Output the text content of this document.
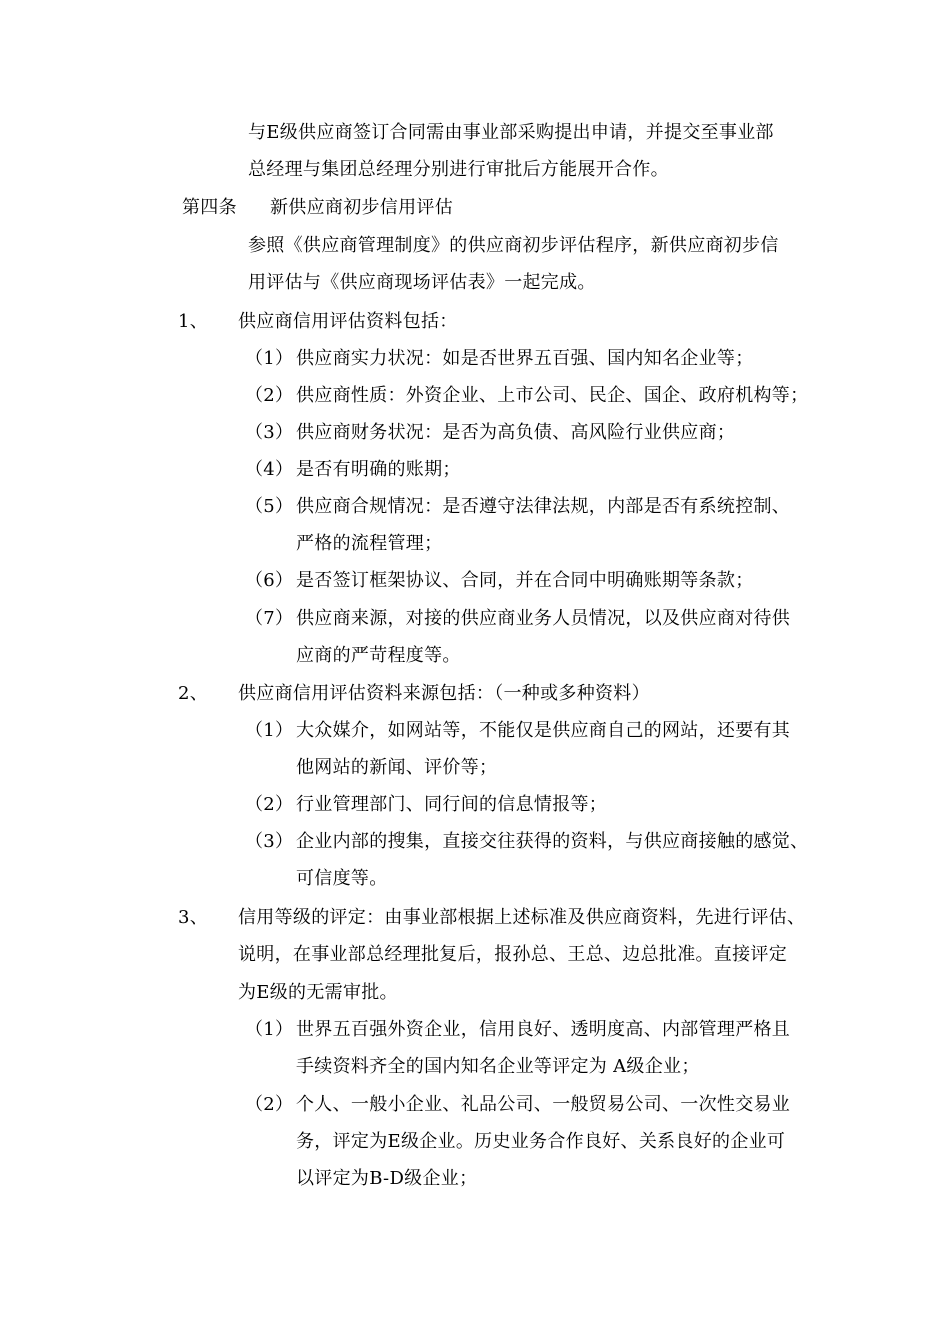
与E级供应商签订合同需由事业部采购提出申请，并提交至事业部
总经理与集团总经理分别进行审批后方能展开合作。
第四条 新供应商初步信用评估
参照《供应商管理制度》的供应商初步评估程序，新供应商初步信
用评估与《供应商现场评估表》一起完成。
1、 供应商信用评估资料包括：
（1） 供应商实力状况：如是否世界五百强、国内知名企业等；
（2） 供应商性质：外资企业、上市公司、民企、国企、政府机构等；
（3） 供应商财务状况：是否为高负债、高风险行业供应商；
（4） 是否有明确的账期；
（5） 供应商合规情况：是否遵守法律法规，内部是否有系统控制、
严格的流程管理；
（6） 是否签订框架协议、合同，并在合同中明确账期等条款；
（7） 供应商来源，对接的供应商业务人员情况，以及供应商对待供
应商的严苛程度等。
2、 供应商信用评估资料来源包括：（一种或多种资料）
（1） 大众媒介，如网站等，不能仅是供应商自己的网站，还要有其
他网站的新闻、评价等；
（2） 行业管理部门、同行间的信息情报等；
（3） 企业内部的搜集，直接交往获得的资料，与供应商接触的感觉、
可信度等。
3、 信用等级的评定：由事业部根据上述标准及供应商资料，先进行评估、
说明，在事业部总经理批复后，报孙总、王总、边总批准。直接评定
为E级的无需审批。
（1） 世界五百强外资企业，信用良好、透明度高、内部管理严格且
手续资料齐全的国内知名企业等评定为 A级企业；
（2） 个人、一般小企业、礼品公司、一般贸易公司、一次性交易业
务，评定为E级企业。历史业务合作良好、关系良好的企业可
以评定为B-D级企业；
